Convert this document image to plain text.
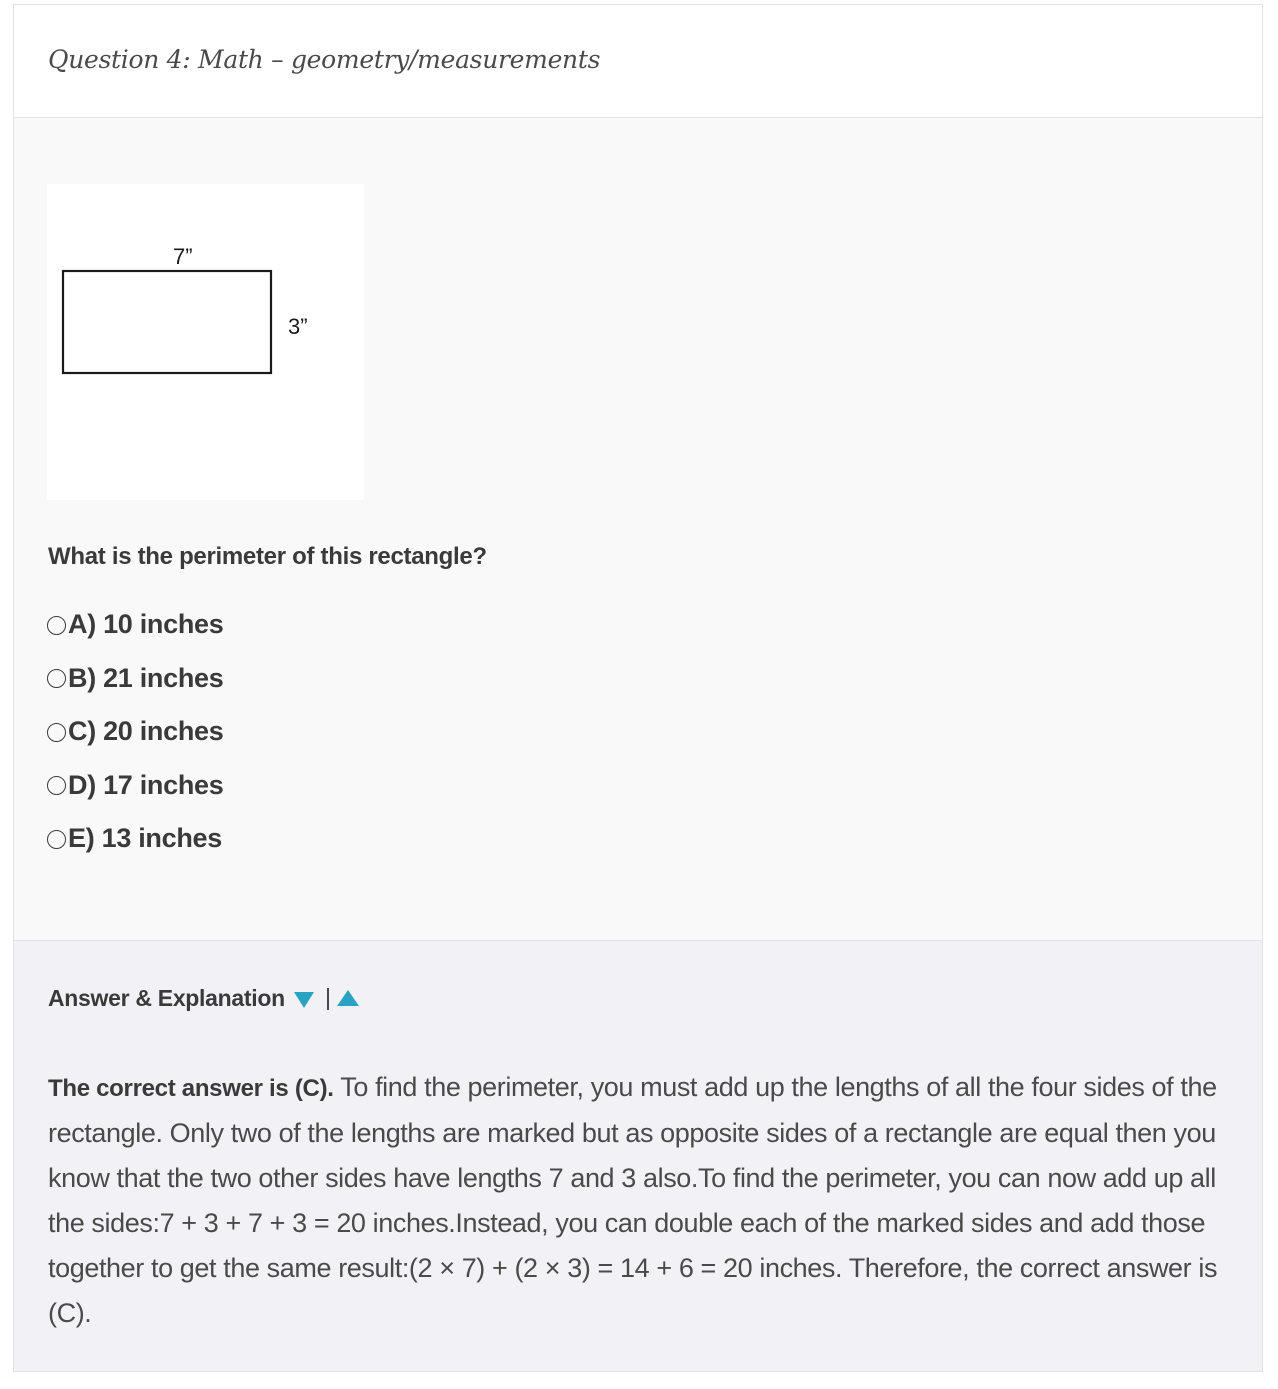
Question 4: Math – geometry/measurements
7”
3”
What is the perimeter of this rectangle?
A) 10 inches
B) 21 inches
C) 20 inches
D) 17 inches
E) 13 inches
Answer & Explanation

The correct answer is (C). To find the perimeter, you must add up the lengths of all the four sides of the rectangle. Only two of the lengths are marked but as opposite sides of a rectangle are equal then you know that the two other sides have lengths 7 and 3 also.To find the perimeter, you can now add up all the sides:7 + 3 + 7 + 3 = 20 inches.Instead, you can double each of the marked sides and add those together to get the same result:(2 × 7) + (2 × 3) = 14 + 6 = 20 inches. Therefore, the correct answer is (C).
